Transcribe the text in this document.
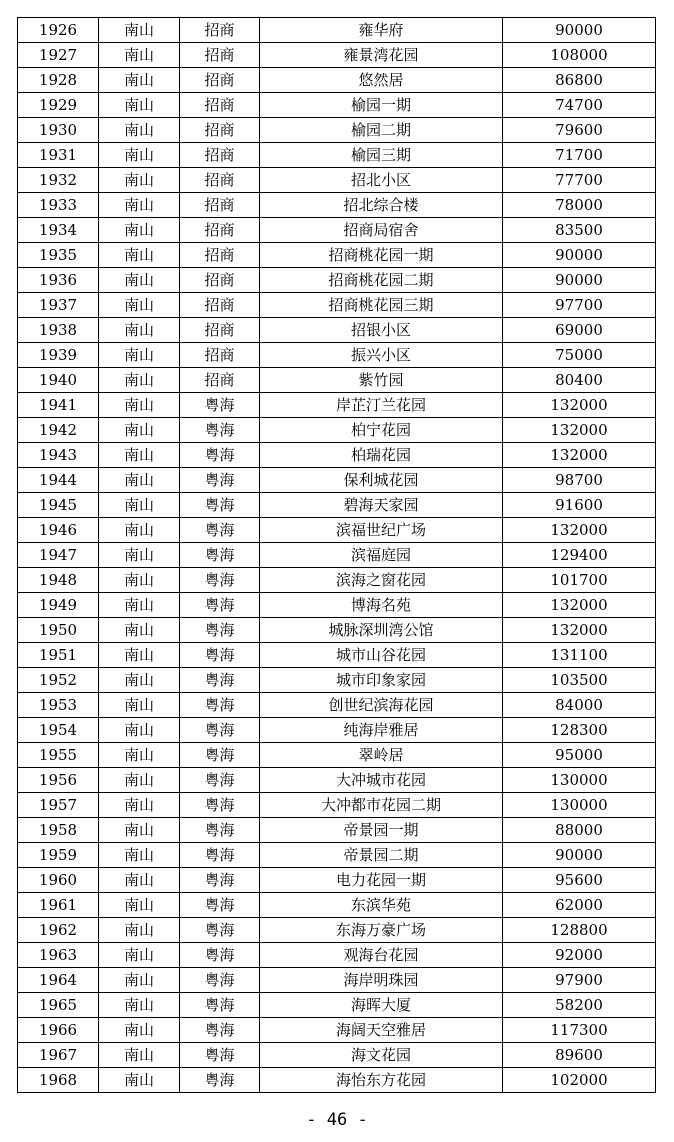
1926	南山	招商	雍华府	90000
1927	南山	招商	雍景湾花园	108000
1928	南山	招商	悠然居	86800
1929	南山	招商	榆园一期	74700
1930	南山	招商	榆园二期	79600
1931	南山	招商	榆园三期	71700
1932	南山	招商	招北小区	77700
1933	南山	招商	招北综合楼	78000
1934	南山	招商	招商局宿舍	83500
1935	南山	招商	招商桃花园一期	90000
1936	南山	招商	招商桃花园二期	90000
1937	南山	招商	招商桃花园三期	97700
1938	南山	招商	招银小区	69000
1939	南山	招商	振兴小区	75000
1940	南山	招商	紫竹园	80400
1941	南山	粤海	岸芷汀兰花园	132000
1942	南山	粤海	柏宁花园	132000
1943	南山	粤海	柏瑞花园	132000
1944	南山	粤海	保利城花园	98700
1945	南山	粤海	碧海天家园	91600
1946	南山	粤海	滨福世纪广场	132000
1947	南山	粤海	滨福庭园	129400
1948	南山	粤海	滨海之窗花园	101700
1949	南山	粤海	博海名苑	132000
1950	南山	粤海	城脉深圳湾公馆	132000
1951	南山	粤海	城市山谷花园	131100
1952	南山	粤海	城市印象家园	103500
1953	南山	粤海	创世纪滨海花园	84000
1954	南山	粤海	纯海岸雅居	128300
1955	南山	粤海	翠岭居	95000
1956	南山	粤海	大冲城市花园	130000
1957	南山	粤海	大冲都市花园二期	130000
1958	南山	粤海	帝景园一期	88000
1959	南山	粤海	帝景园二期	90000
1960	南山	粤海	电力花园一期	95600
1961	南山	粤海	东滨华苑	62000
1962	南山	粤海	东海万豪广场	128800
1963	南山	粤海	观海台花园	92000
1964	南山	粤海	海岸明珠园	97900
1965	南山	粤海	海晖大厦	58200
1966	南山	粤海	海阔天空雅居	117300
1967	南山	粤海	海文花园	89600
1968	南山	粤海	海怡东方花园	102000
- 46 -
